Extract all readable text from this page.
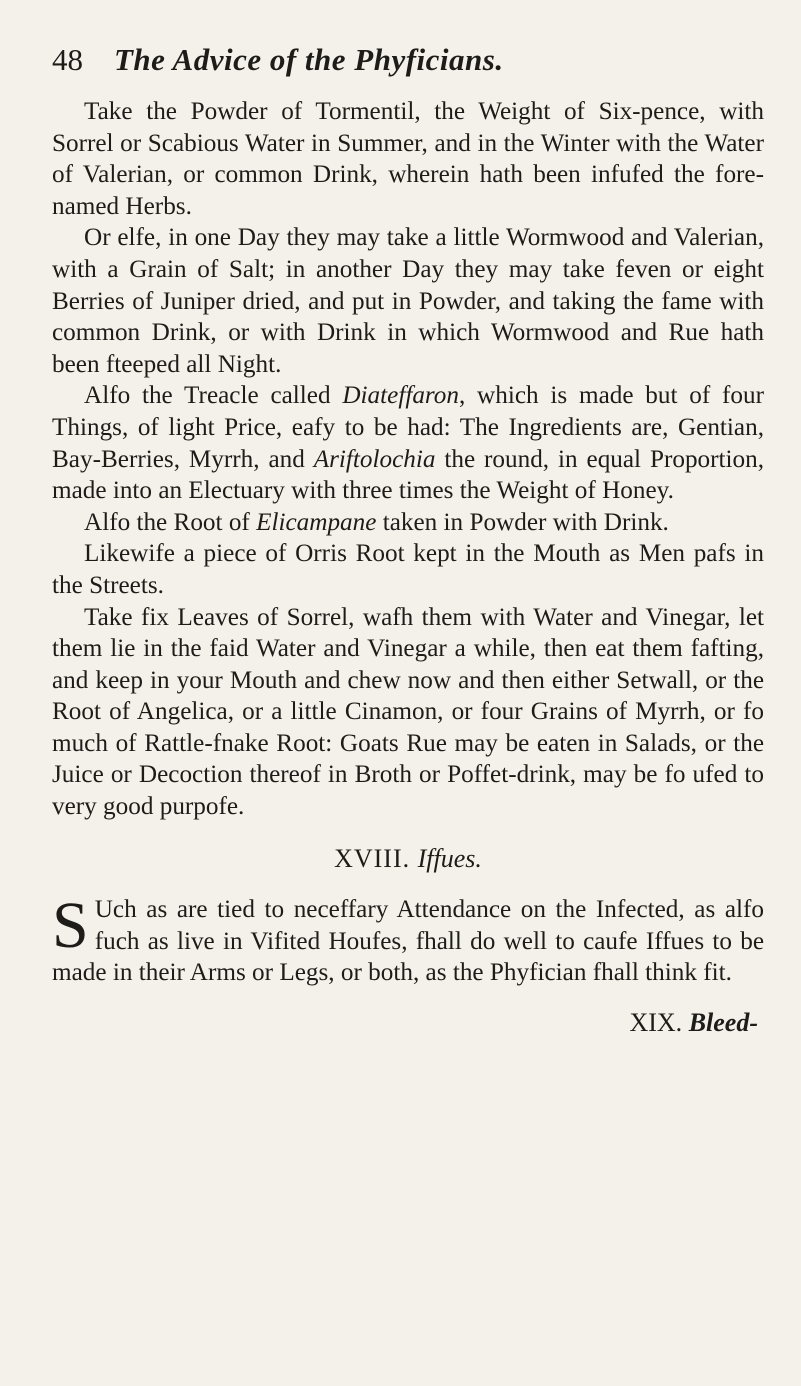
48 The Advice of the Phyficians.

Take the Powder of Tormentil, the Weight of Six-pence, with Sorrel or Scabious Water in Summer, and in the Winter with the Water of Valerian, or common Drink, wherein hath been infufed the fore-named Herbs.

Or elfe, in one Day they may take a little Wormwood and Valerian, with a Grain of Salt; in another Day they may take feven or eight Berries of Juniper dried, and put in Powder, and taking the fame with common Drink, or with Drink in which Wormwood and Rue hath been fteeped all Night.

Alfo the Treacle called Diateffaron, which is made but of four Things, of light Price, eafy to be had: The Ingredients are, Gentian, Bay-Berries, Myrrh, and Ariftolochia the round, in equal Proportion, made into an Electuary with three times the Weight of Honey.

Alfo the Root of Elicampane taken in Powder with Drink.

Likewife a piece of Orris Root kept in the Mouth as Men pafs in the Streets.

Take fix Leaves of Sorrel, wafh them with Water and Vinegar, let them lie in the faid Water and Vinegar a while, then eat them fafting, and keep in your Mouth and chew now and then either Setwall, or the Root of Angelica, or a little Cinamon, or four Grains of Myrrh, or fo much of Rattle-fnake Root: Goats Rue may be eaten in Salads, or the Juice or Decoction thereof in Broth or Poffet-drink, may be fo ufed to very good purpofe.

XVIII. Iffues.

S Uch as are tied to neceffary Attendance on the Infected, as alfo fuch as live in Vifited Houfes, fhall do well to caufe Iffues to be made in their Arms or Legs, or both, as the Phyfician fhall think fit.

XIX. Bleed-
